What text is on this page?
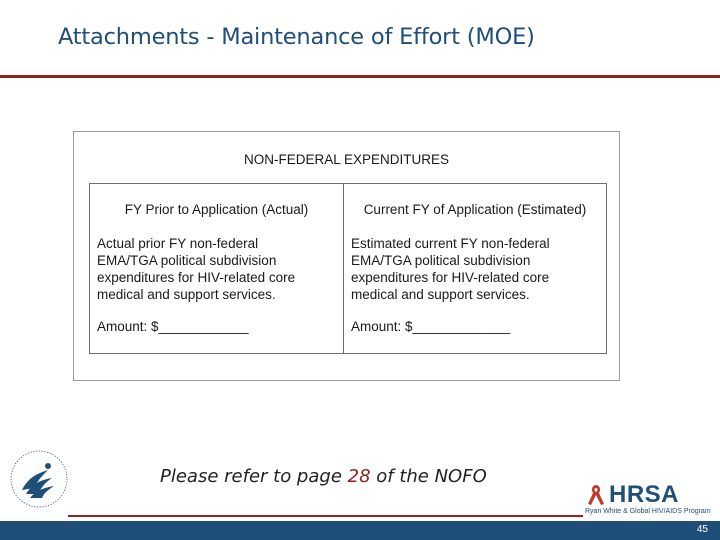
Attachments - Maintenance of Effort (MOE)
NON-FEDERAL EXPENDITURES
FY Prior to Application (Actual)
Actual prior FY non-federal
EMA/TGA political subdivision
expenditures for HIV-related core
medical and support services.
Amount: $____________
Current FY of Application (Estimated)
Estimated current FY non-federal
EMA/TGA political subdivision
expenditures for HIV-related core
medical and support services.
Amount: $_____________
Please refer to page 28 of the NOFO
HRSA
Ryan White & Global HIV/AIDS Program
45
